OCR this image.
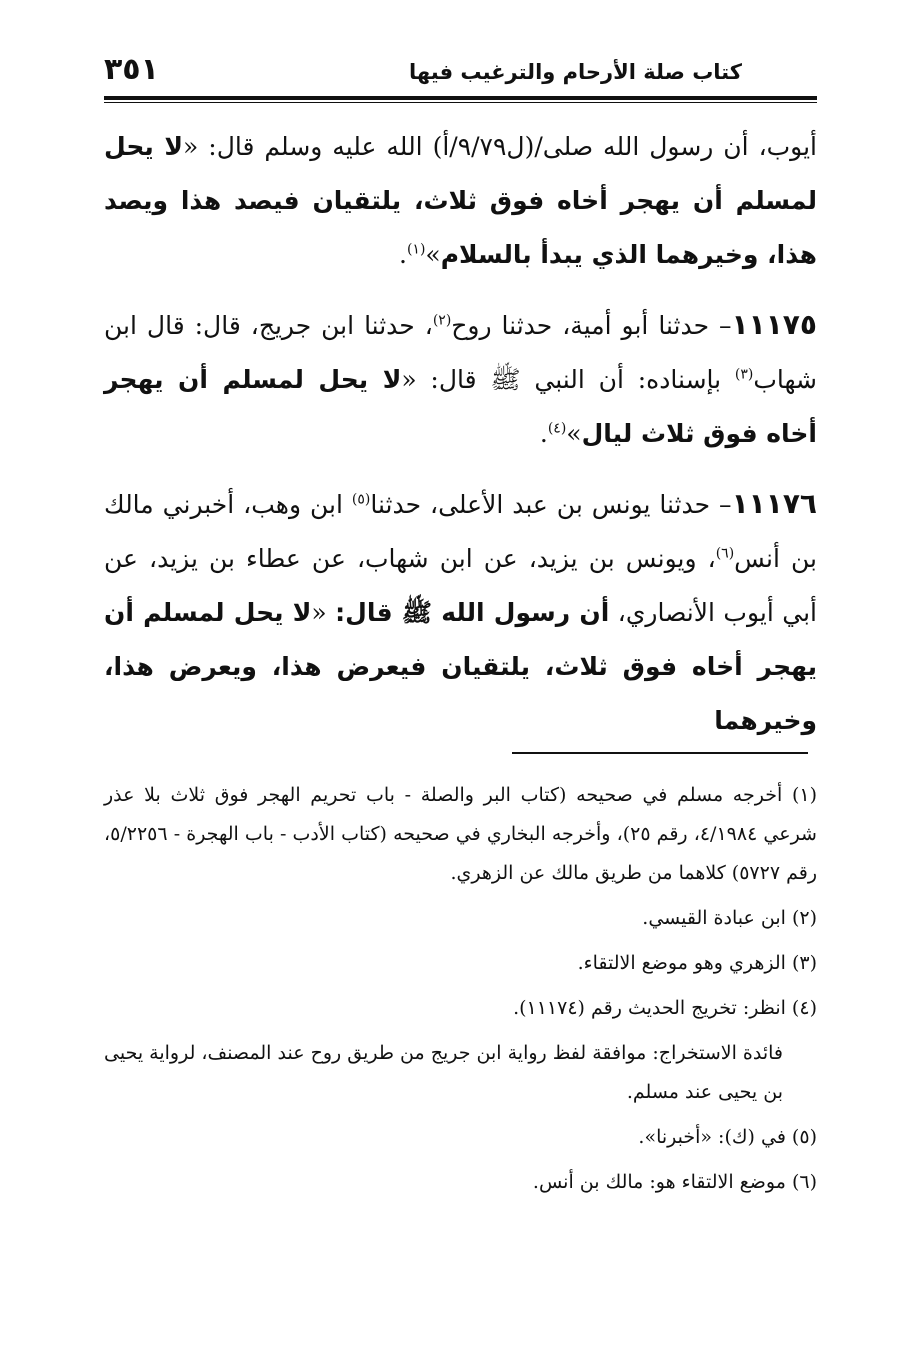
كتاب صلة الأرحام والترغيب فيها
٣٥١

أيوب، أن رسول الله صلى/(ل٩/٧٩/أ) الله عليه وسلم قال: «لا يحل لمسلم أن يهجر أخاه فوق ثلاث، يلتقيان فيصد هذا ويصد هذا، وخيرهما الذي يبدأ بالسلام»$^{(١)}$.

١١١٧٥– حدثنا أبو أمية، حدثنا روح$^{(٢)}$، حدثنا ابن جريج، قال: قال ابن شهاب$^{(٣)}$ بإسناده: أن النبي ﷺ قال: «لا يحل لمسلم أن يهجر أخاه فوق ثلاث ليال»$^{(٤)}$.

١١١٧٦– حدثنا يونس بن عبد الأعلى، حدثنا$^{(٥)}$ ابن وهب، أخبرني مالك بن أنس$^{(٦)}$، ويونس بن يزيد، عن ابن شهاب، عن عطاء بن يزيد، عن أبي أيوب الأنصاري، أن رسول الله ﷺ قال: «لا يحل لمسلم أن يهجر أخاه فوق ثلاث، يلتقيان فيعرض هذا، ويعرض هذا، وخيرهما

(١) أخرجه مسلم في صحيحه (كتاب البر والصلة - باب تحريم الهجر فوق ثلاث بلا عذر شرعي ٤/١٩٨٤، رقم ٢٥)، وأخرجه البخاري في صحيحه (كتاب الأدب - باب الهجرة - ٥/٢٢٥٦، رقم ٥٧٢٧) كلاهما من طريق مالك عن الزهري.

(٢) ابن عبادة القيسي.

(٣) الزهري وهو موضع الالتقاء.

(٤) انظر: تخريج الحديث رقم (١١١٧٤).

فائدة الاستخراج: موافقة لفظ رواية ابن جريج من طريق روح عند المصنف، لرواية يحيى بن يحيى عند مسلم.

(٥) في (ك): «أخبرنا».

(٦) موضع الالتقاء هو: مالك بن أنس.
